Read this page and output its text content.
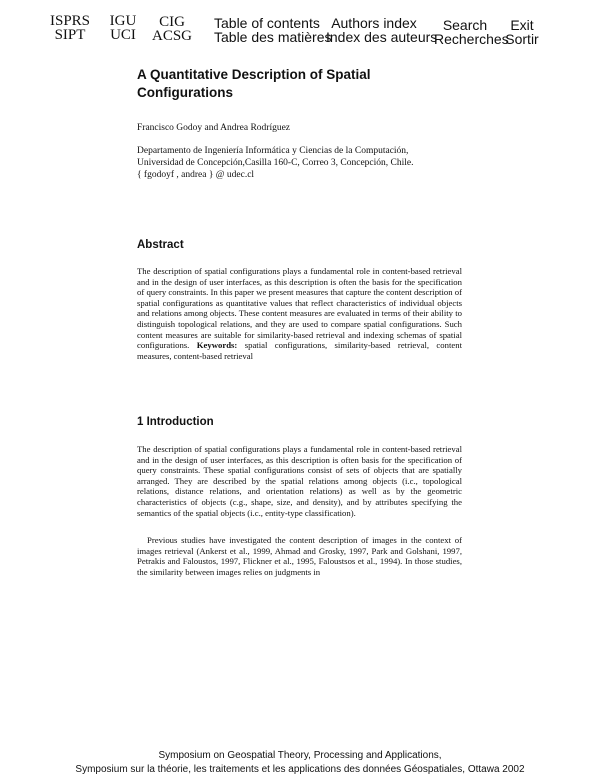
ISPRS
SIPT
IGU
UCI
CIG
ACSG
Table of contents
Table des matières
Authors index
Index des auteurs
Search
Recherches
Exit
Sortir
A Quantitative Description of Spatial Configurations
Francisco Godoy and Andrea Rodríguez
Departamento de Ingeniería Informática y Ciencias de la Computación,
Universidad de Concepción,Casilla 160-C, Correo 3, Concepción, Chile.
{ fgodoyf , andrea } @ udec.cl
Abstract

The description of spatial configurations plays a fundamental role in content-based retrieval and in the design of user interfaces, as this description is often the basis for the specification of query constraints. In this paper we present measures that capture the content description of spatial configurations as quantitative values that reflect characteristics of individual objects and relations among objects. These content measures are evaluated in terms of their ability to distinguish topological relations, and they are used to compare spatial configurations. Such content measures are suitable for similarity-based retrieval and indexing schemas of spatial configurations. Keywords: spatial configurations, similarity-based retrieval, content measures, content-based retrieval

1 Introduction

The description of spatial configurations plays a fundamental role in content-based retrieval and in the design of user interfaces, as this description is often basis for the specification of query constraints. These spatial configurations consist of sets of objects that are spatially arranged. They are described by the spatial relations among objects (i.c., topological relations, distance relations, and orientation relations) as well as by the geometric characteristics of objects (c.g., shape, size, and density), and by attributes specifying the semantics of the spatial objects (i.c., entity-type classification).

Previous studies have investigated the content description of images in the context of images retrieval (Ankerst et al., 1999, Ahmad and Grosky, 1997, Park and Golshani, 1997, Petrakis and Faloustos, 1997, Flickner et al., 1995, Faloustsos et al., 1994). In those studies, the similarity between images relies on judgments in

Symposium on Geospatial Theory, Processing and Applications,
Symposium sur la théorie, les traitements et les applications des données Géospatiales, Ottawa 2002
